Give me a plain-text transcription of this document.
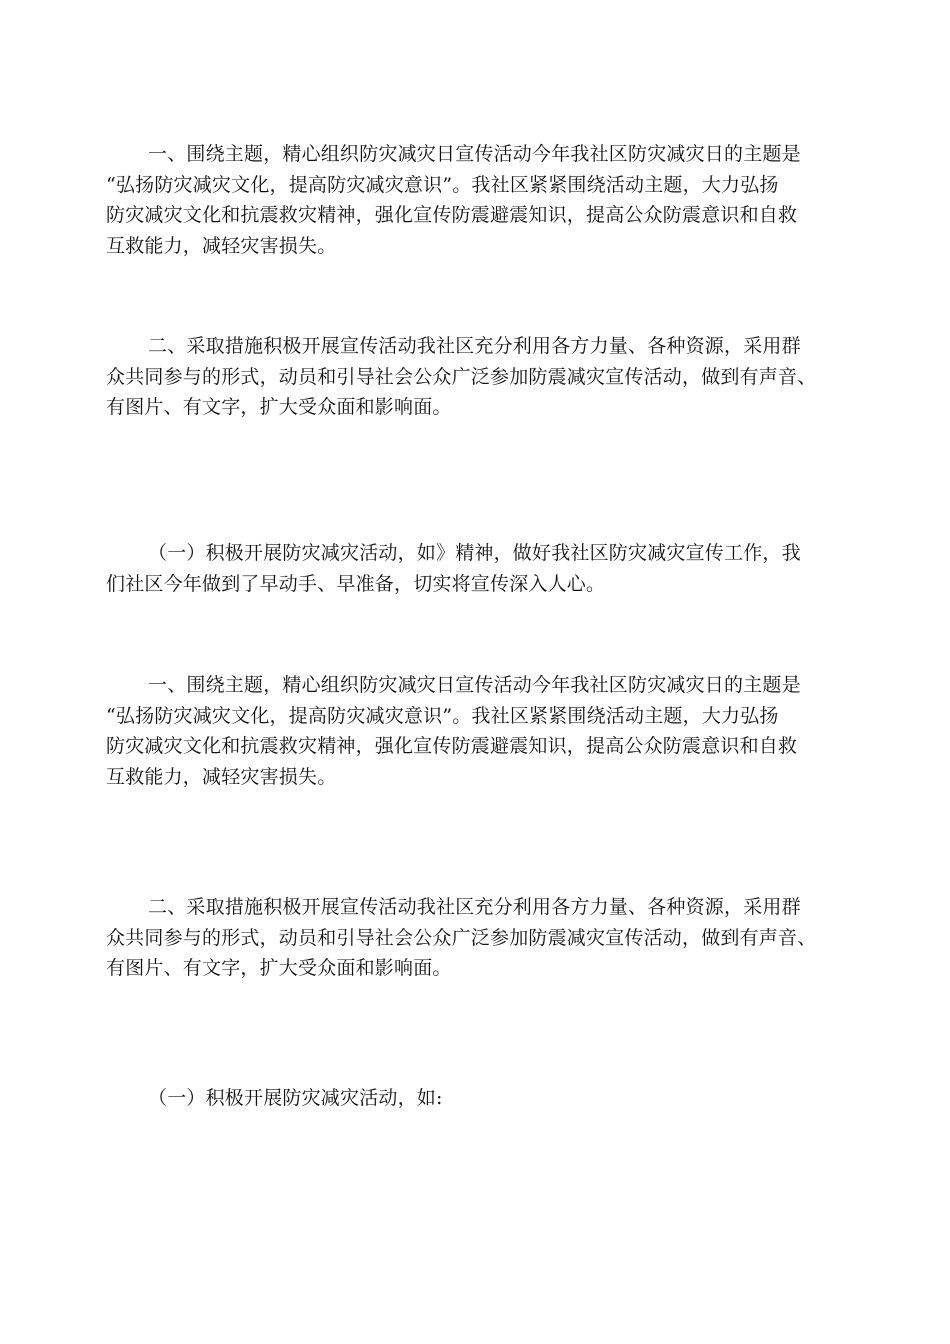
一、围绕主题，精心组织防灾减灾日宣传活动今年我社区防灾减灾日的主题是
“弘扬防灾减灾文化，提高防灾减灾意识”。我社区紧紧围绕活动主题，大力弘扬
防灾减灾文化和抗震救灾精神，强化宣传防震避震知识，提高公众防震意识和自救
互救能力，减轻灾害损失。

二、采取措施积极开展宣传活动我社区充分利用各方力量、各种资源，采用群
众共同参与的形式，动员和引导社会公众广泛参加防震减灾宣传活动，做到有声音、
有图片、有文字，扩大受众面和影响面。

（一）积极开展防灾减灾活动，如》精神，做好我社区防灾减灾宣传工作，我
们社区今年做到了早动手、早准备，切实将宣传深入人心。

一、围绕主题，精心组织防灾减灾日宣传活动今年我社区防灾减灾日的主题是
“弘扬防灾减灾文化，提高防灾减灾意识”。我社区紧紧围绕活动主题，大力弘扬
防灾减灾文化和抗震救灾精神，强化宣传防震避震知识，提高公众防震意识和自救
互救能力，减轻灾害损失。

二、采取措施积极开展宣传活动我社区充分利用各方力量、各种资源，采用群
众共同参与的形式，动员和引导社会公众广泛参加防震减灾宣传活动，做到有声音、
有图片、有文字，扩大受众面和影响面。

（一）积极开展防灾减灾活动，如:
